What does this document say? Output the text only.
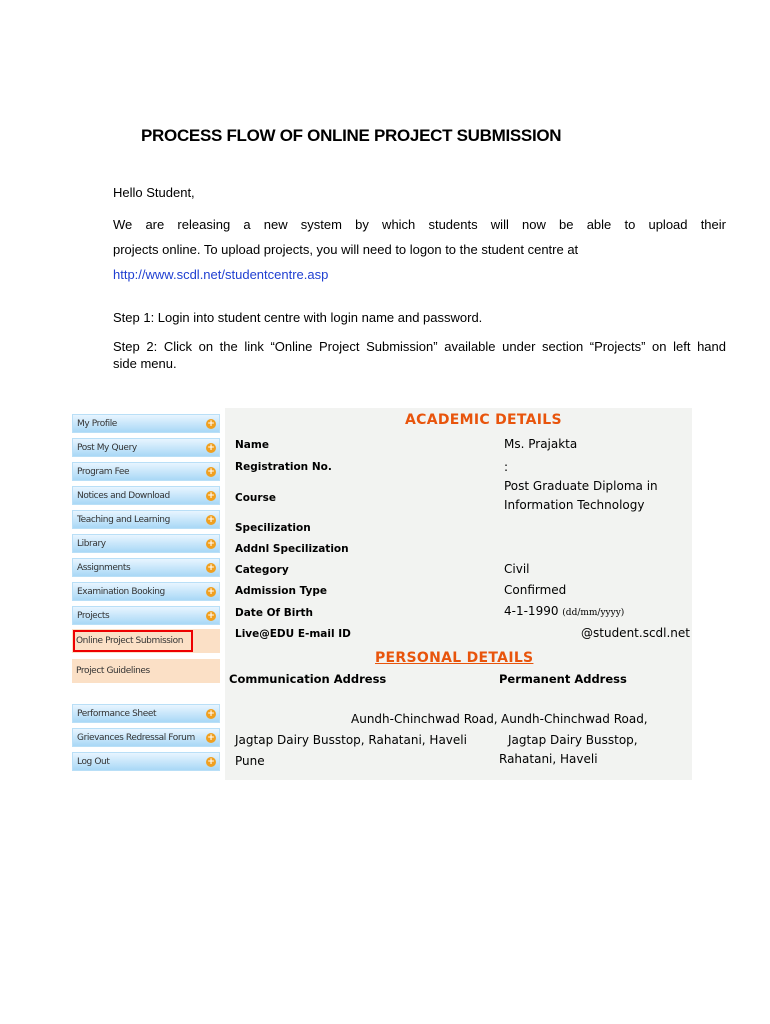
PROCESS FLOW OF ONLINE PROJECT SUBMISSION
Hello Student,
We are releasing a new system by which students will now be able to upload their
projects online. To upload projects, you will need to logon to the student centre at
http://www.scdl.net/studentcentre.asp
Step 1: Login into student centre with login name and password.
Step 2: Click on the link “Online Project Submission” available under section “Projects” on left hand
side menu.
My Profile	+
Post My Query	+
Program Fee	+
Notices and Download	+
Teaching and Learning	+
Library	+
Assignments	+
Examination Booking	+
Projects	+
Online Project Submission
Project Guidelines
Performance Sheet	+
Grievances Redressal Forum +
Log Out	+
ACADEMIC DETAILS
Name	Ms. Prajakta
Registration No.	:
Course
Post Graduate Diploma in
Information Technology
Specilization
Addnl Specilization
Category	Civil
Admission Type	Confirmed
Date Of Birth	4-1-1990 (dd/mm/yyyy)
Live@EDU E-mail ID	@student.scdl.net
PERSONAL DETAILS
Communication Address	Permanent Address
Aundh-Chinchwad Road,
Jagtap Dairy Busstop, Rahatani, Haveli
Pune
Aundh-Chinchwad Road,
Jagtap Dairy Busstop,
Rahatani, Haveli
